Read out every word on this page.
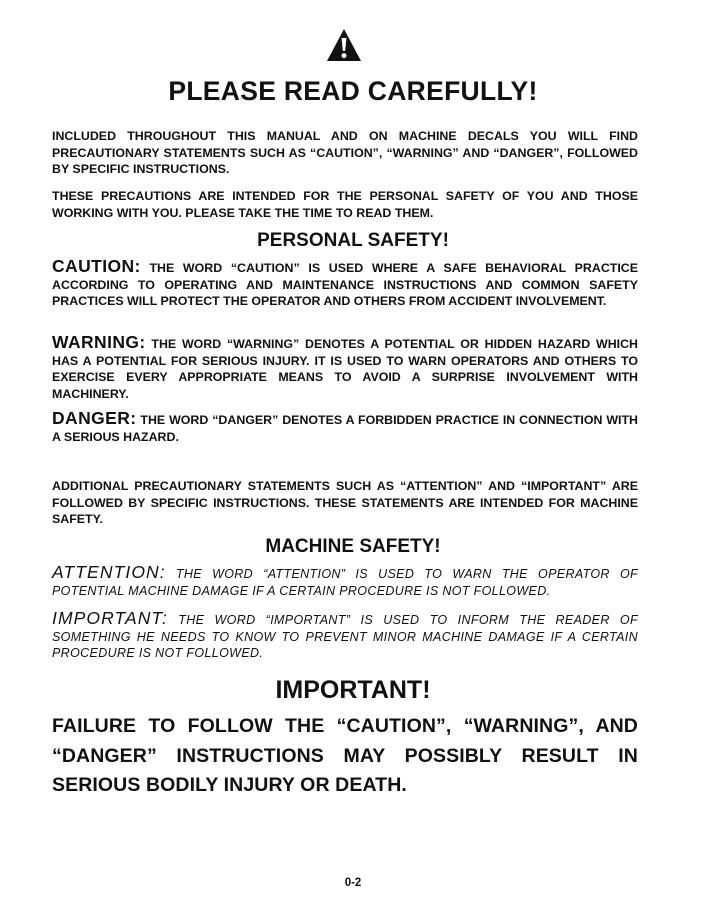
PLEASE READ CAREFULLY!
INCLUDED THROUGHOUT THIS MANUAL AND ON MACHINE DECALS YOU WILL FIND PRECAUTIONARY STATEMENTS SUCH AS “CAUTION”, “WARNING” AND “DANGER”, FOLLOWED BY SPECIFIC INSTRUCTIONS.
THESE PRECAUTIONS ARE INTENDED FOR THE PERSONAL SAFETY OF YOU AND THOSE WORKING WITH YOU. PLEASE TAKE THE TIME TO READ THEM.
PERSONAL SAFETY!
CAUTION: THE WORD “CAUTION” IS USED WHERE A SAFE BEHAVIORAL PRACTICE ACCORDING TO OPERATING AND MAINTENANCE INSTRUCTIONS AND COMMON SAFETY PRACTICES WILL PROTECT THE OPERATOR AND OTHERS FROM ACCIDENT INVOLVEMENT.
WARNING: THE WORD “WARNING” DENOTES A POTENTIAL OR HIDDEN HAZARD WHICH HAS A POTENTIAL FOR SERIOUS INJURY. IT IS USED TO WARN OPERATORS AND OTHERS TO EXERCISE EVERY APPROPRIATE MEANS TO AVOID A SURPRISE INVOLVEMENT WITH MACHINERY.
DANGER: THE WORD “DANGER” DENOTES A FORBIDDEN PRACTICE IN CONNECTION WITH A SERIOUS HAZARD.
ADDITIONAL PRECAUTIONARY STATEMENTS SUCH AS “ATTENTION” AND “IMPORTANT” ARE FOLLOWED BY SPECIFIC INSTRUCTIONS. THESE STATEMENTS ARE INTENDED FOR MACHINE SAFETY.
MACHINE SAFETY!
ATTENTION: THE WORD “ATTENTION” IS USED TO WARN THE OPERATOR OF POTENTIAL MACHINE DAMAGE IF A CERTAIN PROCEDURE IS NOT FOLLOWED.
IMPORTANT: THE WORD “IMPORTANT” IS USED TO INFORM THE READER OF SOMETHING HE NEEDS TO KNOW TO PREVENT MINOR MACHINE DAMAGE IF A CERTAIN PROCEDURE IS NOT FOLLOWED.
IMPORTANT!
FAILURE TO FOLLOW THE “CAUTION”, “WARNING”, AND “DANGER” INSTRUCTIONS MAY POSSIBLY RESULT IN SERIOUS BODILY INJURY OR DEATH.
0-2
